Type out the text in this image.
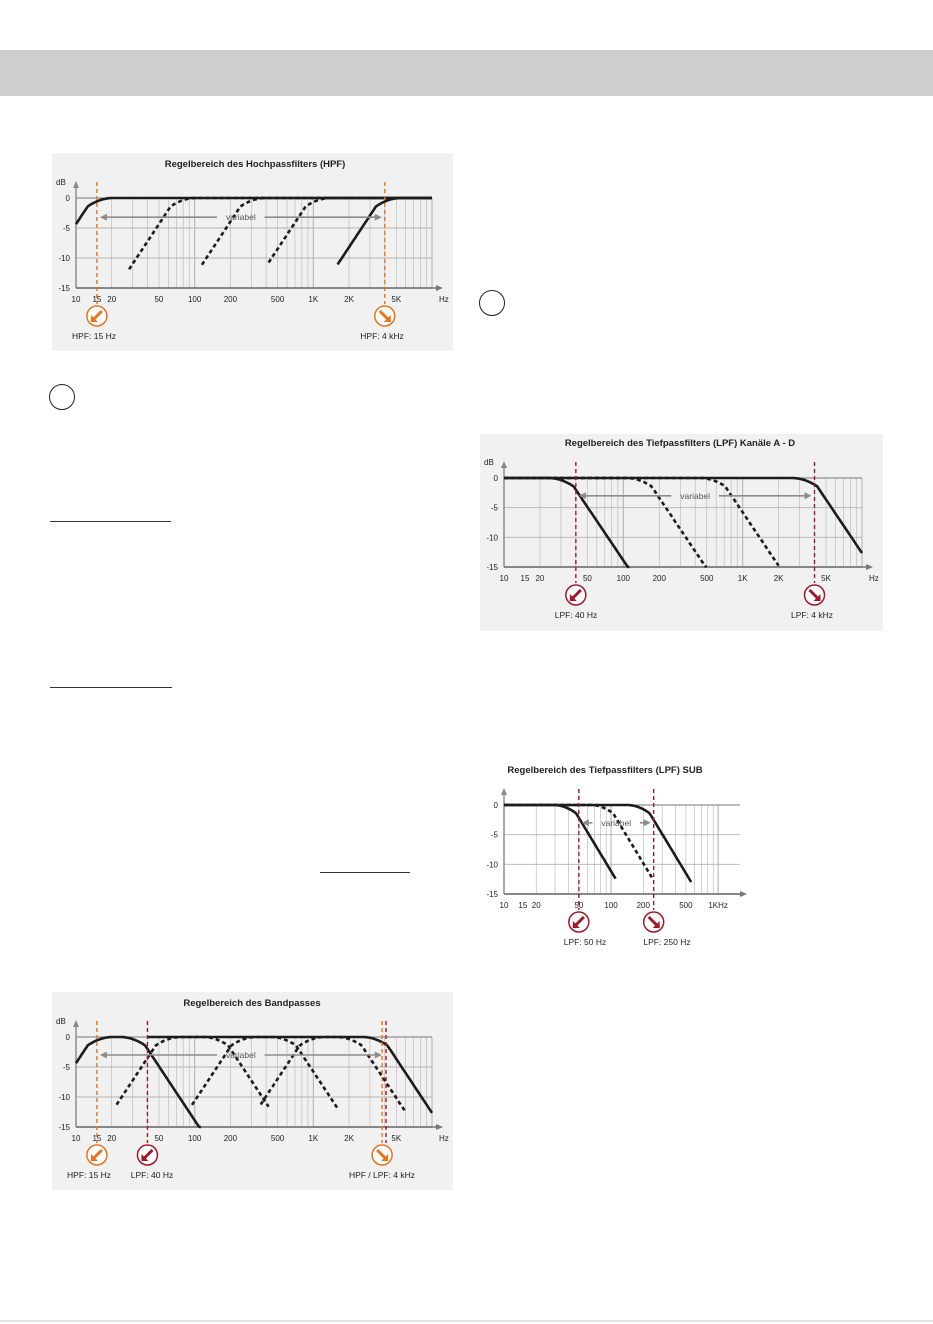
Regelbereich des Hochpassfilters (HPF)
0
-5
-10
-15
dB
10 15 20	50	100	200	500	1K	2K	5K	Hz
variabel
HPF: 15 Hz	HPF: 4 kHz
Regelbereich des Tiefpassfilters (LPF) Kanäle A - D
0
-5
-10
-15
dB
10 15 20	50	100	200	500	1K	2K	5K	Hz
variabel
LPF: 40 Hz	LPF: 4 kHz
Regelbereich des Tiefpassfilters (LPF) SUB
0
-5
-10
-15
10 15 20	50	100 200	500 1KHz
variabel
LPF: 50 Hz	LPF: 250 Hz
Regelbereich des Bandpasses
0
-5
-10
-15
dB
10 15 20	50	100	200	500	1K	2K	5K	Hz
variabel
HPF: 15 Hz LPF: 40 Hz	HPF / LPF: 4 kHz
